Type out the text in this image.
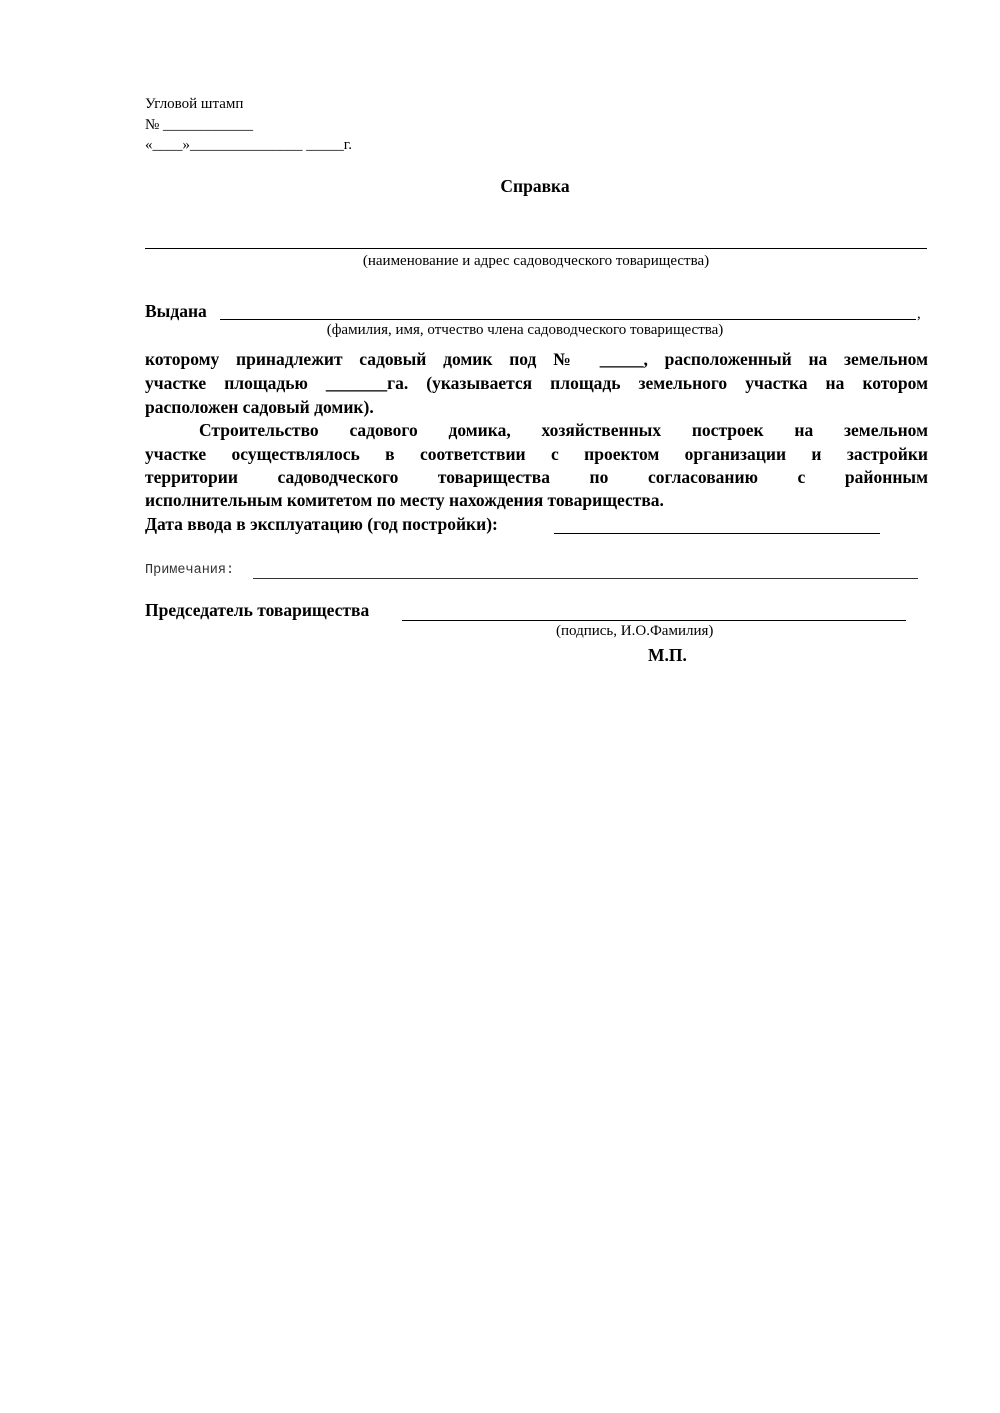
Угловой штамп
№ ____________
«____»_______________ _____г.
Справка
(наименование и адрес садоводческого товарищества)
Выдана	,
(фамилия, имя, отчество члена садоводческого товарищества)
которому принадлежит садовый домик под № _____, расположенный на земельном
участке площадью _______га. (указывается площадь земельного участка на котором
расположен садовый домик).
Строительство садового домика, хозяйственных построек на земельном
участке осуществлялось в соответствии с проектом организации и застройки
территории садоводческого товарищества по согласованию с районным
исполнительным комитетом по месту нахождения товарищества.
Дата ввода в эксплуатацию (год постройки):
Примечания:
Председатель товарищества
(подпись, И.О.Фамилия)
М.П.
